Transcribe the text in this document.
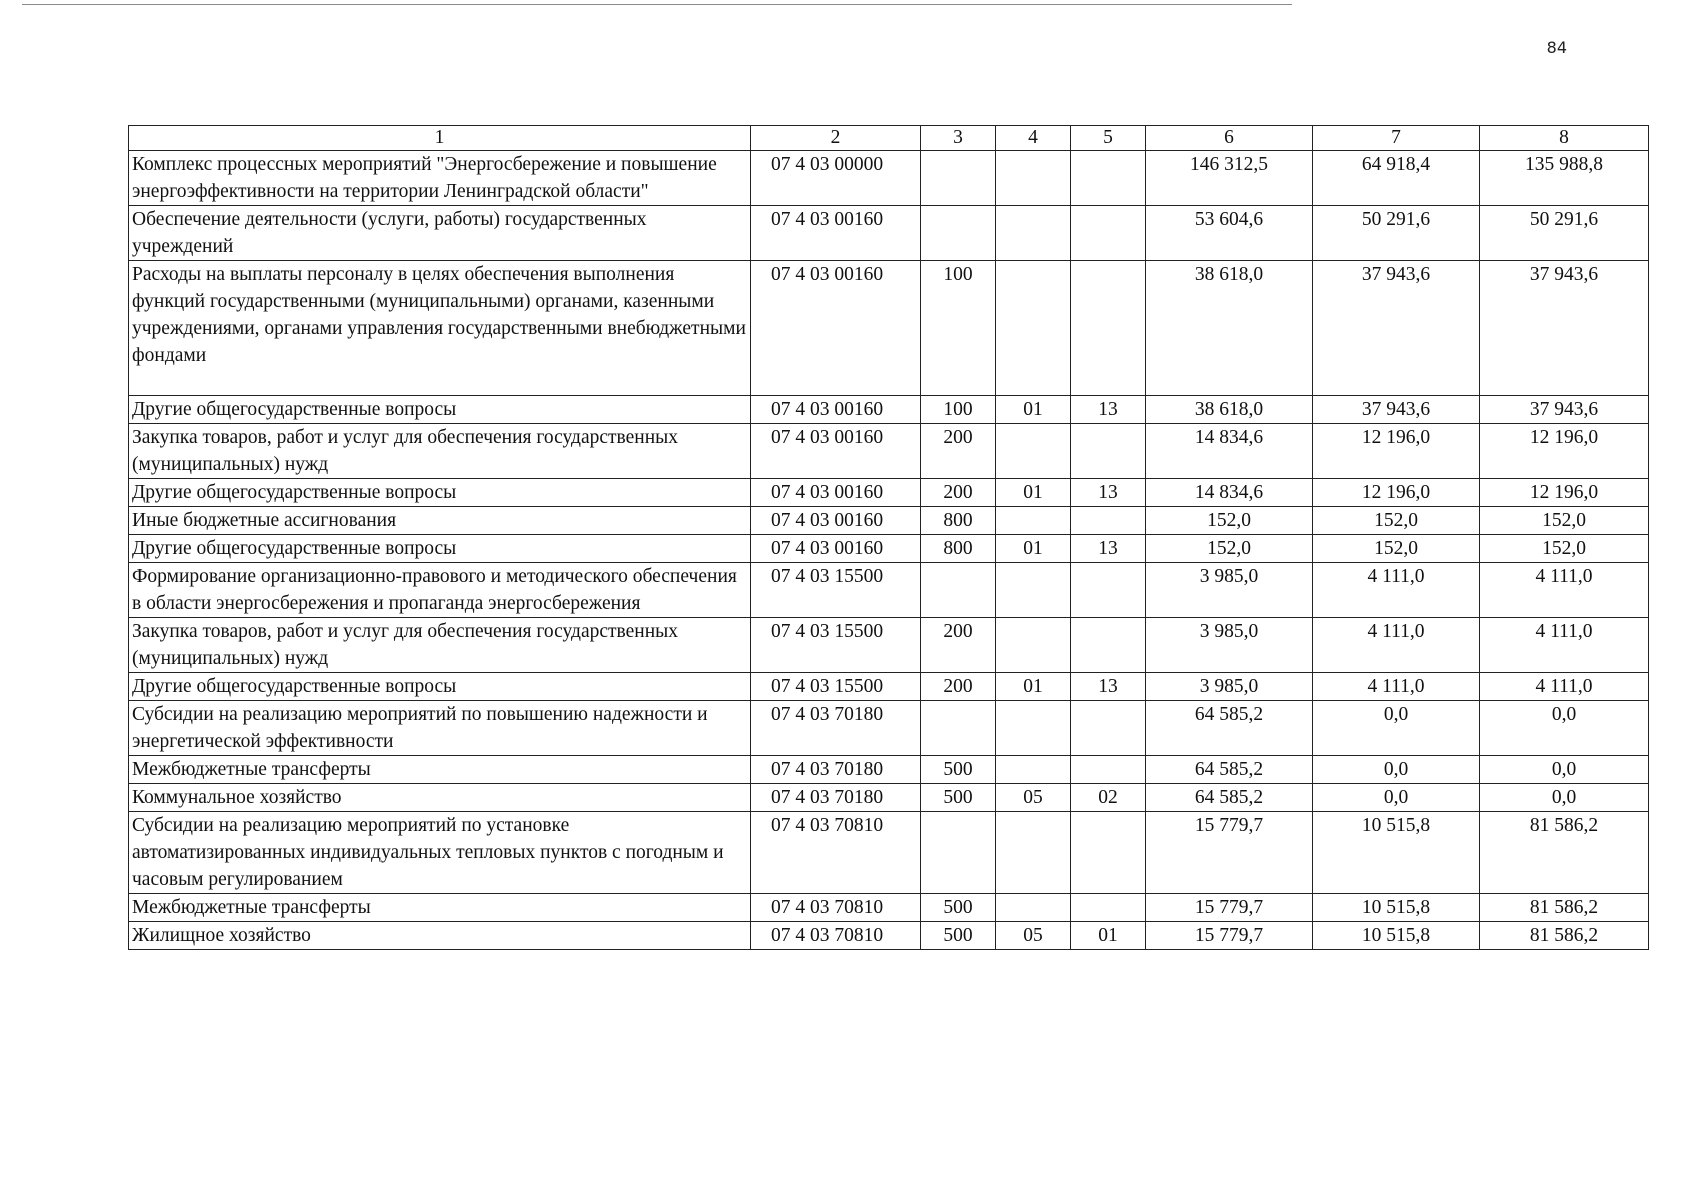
84
1	2	3	4	5	6	7	8
Комплекс процессных мероприятий "Энергосбережение и повышение энергоэффективности на территории Ленинградской области"	07 4 03 00000				146 312,5	64 918,4	135 988,8
Обеспечение деятельности (услуги, работы) государственных учреждений	07 4 03 00160				53 604,6	50 291,6	50 291,6
Расходы на выплаты персоналу в целях обеспечения выполнения функций государственными (муниципальными) органами, казенными учреждениями, органами управления государственными внебюджетными фондами	07 4 03 00160	100			38 618,0	37 943,6	37 943,6
Другие общегосударственные вопросы	07 4 03 00160	100	01	13	38 618,0	37 943,6	37 943,6
Закупка товаров, работ и услуг для обеспечения государственных (муниципальных) нужд	07 4 03 00160	200			14 834,6	12 196,0	12 196,0
Другие общегосударственные вопросы	07 4 03 00160	200	01	13	14 834,6	12 196,0	12 196,0
Иные бюджетные ассигнования	07 4 03 00160	800			152,0	152,0	152,0
Другие общегосударственные вопросы	07 4 03 00160	800	01	13	152,0	152,0	152,0
Формирование организационно-правового и методического обеспечения в области энергосбережения и пропаганда энергосбережения	07 4 03 15500				3 985,0	4 111,0	4 111,0
Закупка товаров, работ и услуг для обеспечения государственных (муниципальных) нужд	07 4 03 15500	200			3 985,0	4 111,0	4 111,0
Другие общегосударственные вопросы	07 4 03 15500	200	01	13	3 985,0	4 111,0	4 111,0
Субсидии на реализацию мероприятий по повышению надежности и энергетической эффективности	07 4 03 70180				64 585,2	0,0	0,0
Межбюджетные трансферты	07 4 03 70180	500			64 585,2	0,0	0,0
Коммунальное хозяйство	07 4 03 70180	500	05	02	64 585,2	0,0	0,0
Субсидии на реализацию мероприятий по установке автоматизированных индивидуальных тепловых пунктов с погодным и часовым регулированием	07 4 03 70810				15 779,7	10 515,8	81 586,2
Межбюджетные трансферты	07 4 03 70810	500			15 779,7	10 515,8	81 586,2
Жилищное хозяйство	07 4 03 70810	500	05	01	15 779,7	10 515,8	81 586,2
